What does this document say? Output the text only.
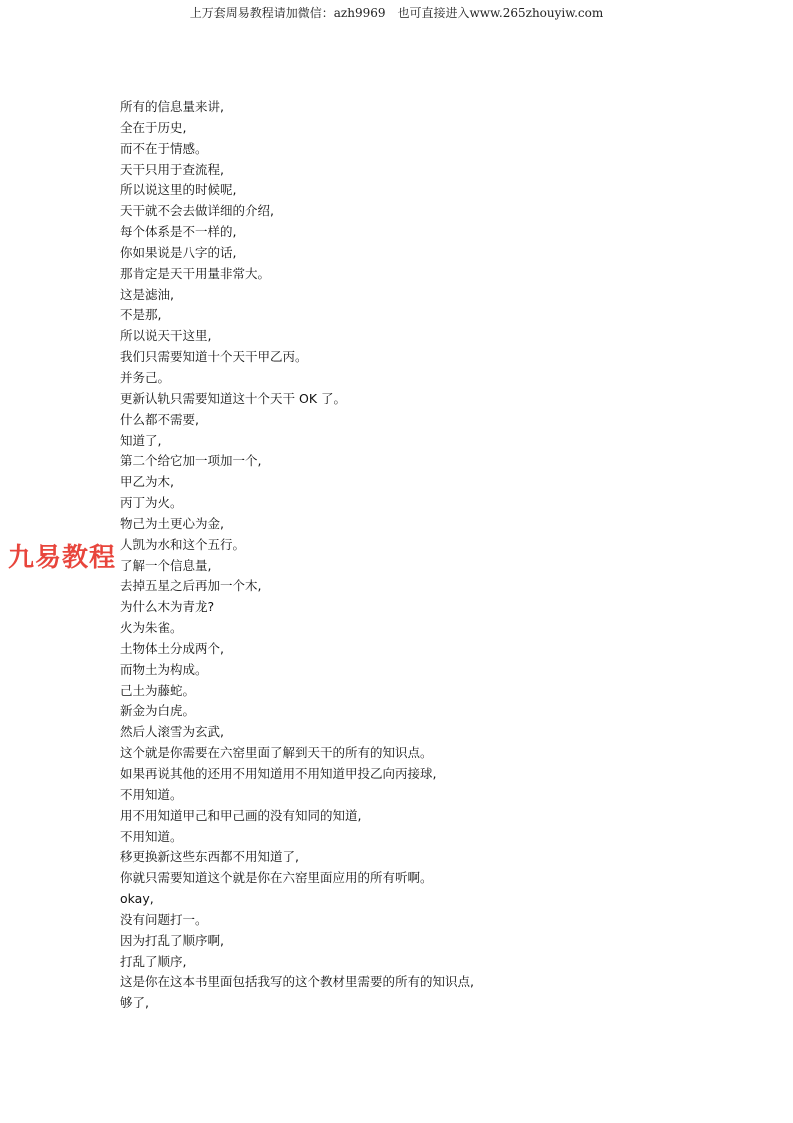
上万套周易教程请加微信：azh9969　也可直接进入www.265zhouyiw.com
所有的信息量来讲,
全在于历史,
而不在于情感。
天干只用于查流程,
所以说这里的时候呢,
天干就不会去做详细的介绍,
每个体系是不一样的,
你如果说是八字的话,
那肯定是天干用量非常大。
这是滤油,
不是那,
所以说天干这里,
我们只需要知道十个天干甲乙丙。
并务己。
更新认轨只需要知道这十个天干 OK 了。
什么都不需要,
知道了,
第二个给它加一项加一个,
甲乙为木,
丙丁为火。
物己为土更心为金,
人凯为水和这个五行。
了解一个信息量,
去掉五星之后再加一个木,
为什么木为青龙?
火为朱雀。
土物体土分成两个,
而物土为构成。
己土为藤蛇。
新金为白虎。
然后人滚雪为玄武,
这个就是你需要在六窑里面了解到天干的所有的知识点。
如果再说其他的还用不用知道用不用知道甲投乙向丙接球,
不用知道。
用不用知道甲己和甲己画的没有知同的知道,
不用知道。
移更换新这些东西都不用知道了,
你就只需要知道这个就是你在六窑里面应用的所有听啊。
okay,
没有问题打一。
因为打乱了顺序啊,
打乱了顺序,
这是你在这本书里面包括我写的这个教材里需要的所有的知识点,
够了,
九易教程
